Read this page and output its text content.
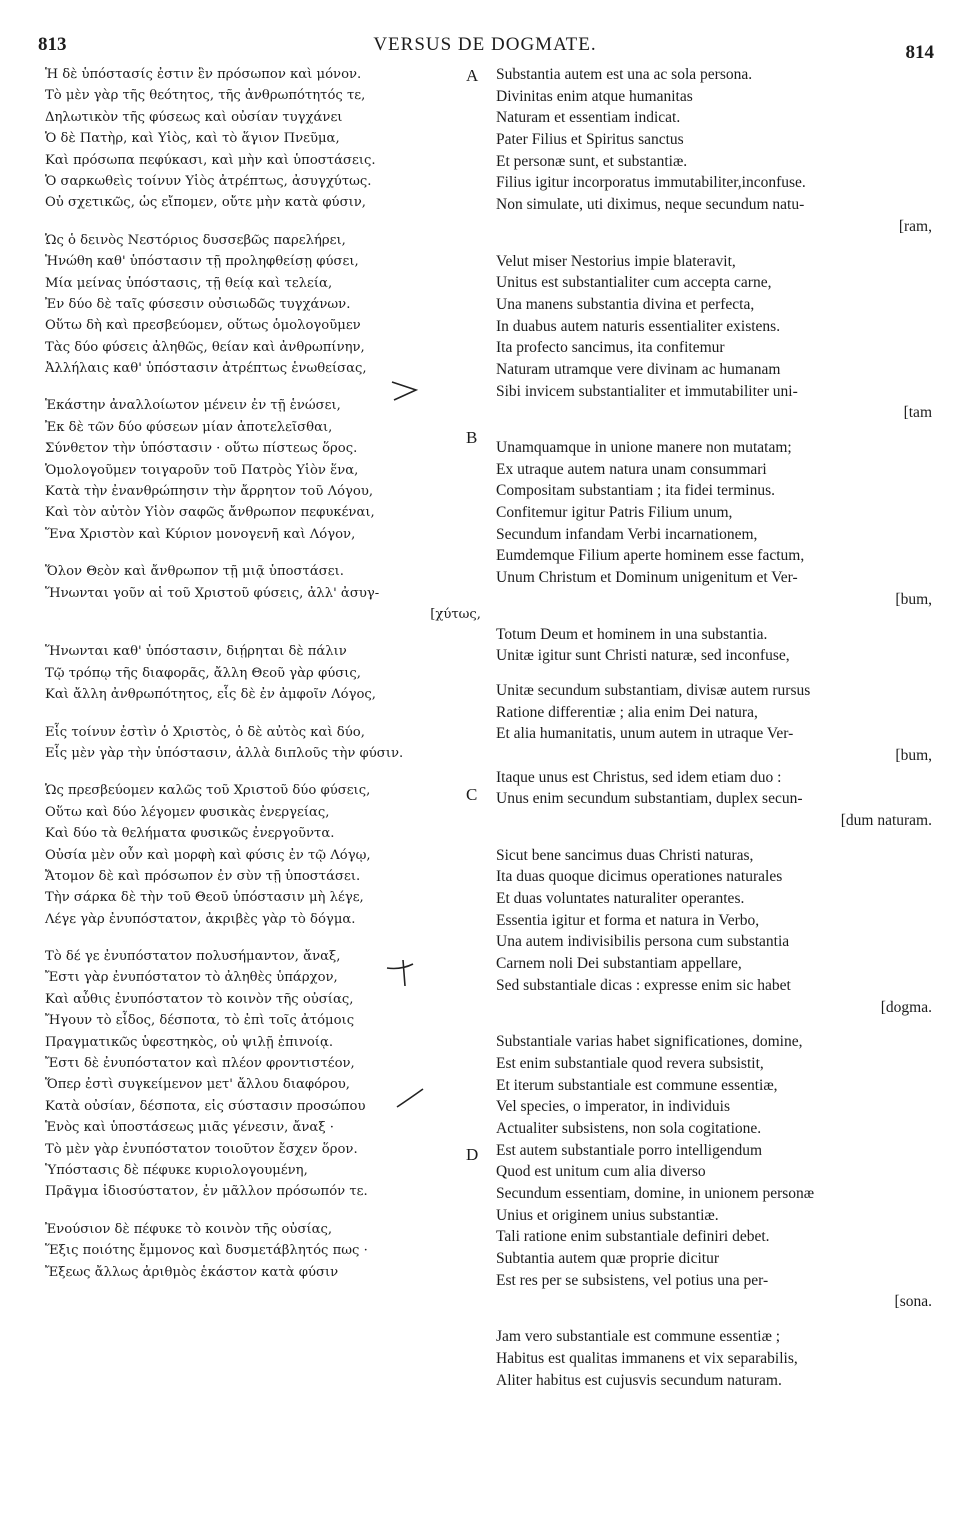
813	VERSUS DE DOGMATE.	814
Ἡ δὲ ὑπόστασίς ἐστιν ἓν πρόσωπον καὶ μόνον.
Τὸ μὲν γὰρ τῆς θεότητος, τῆς ἀνθρωπότητός τε,
Δηλωτικὸν τῆς φύσεως καὶ οὐσίαν τυγχάνει
Ὁ δὲ Πατὴρ, καὶ Υἱὸς, καὶ τὸ ἅγιον Πνεῦμα,
Καὶ πρόσωπα πεφύκασι, καὶ μὴν καὶ ὑποστάσεις.
Ὁ σαρκωθεὶς τοίνυν Υἱὸς ἀτρέπτως, ἀσυγχύτως.
Οὐ σχετικῶς, ὡς εἴπομεν, οὔτε μὴν κατὰ φύσιν,
Ὡς ὁ δεινὸς Νεστόριος δυσσεβῶς παρελήρει,
Ἡνώθη καθ' ὑπόστασιν τῇ προληφθείσῃ φύσει,
Μία μείνας ὑπόστασις, τῇ θείᾳ καὶ τελεία,
Ἐν δύο δὲ ταῖς φύσεσιν οὐσιωδῶς τυγχάνων.
Οὕτω δὴ καὶ πρεσβεύομεν, οὕτως ὁμολογοῦμεν
Τὰς δύο φύσεις ἀληθῶς, θείαν καὶ ἀνθρωπίνην,
Ἀλλήλαις καθ' ὑπόστασιν ἀτρέπτως ἑνωθείσας,
Ἑκάστην ἀναλλοίωτον μένειν ἐν τῇ ἑνώσει,
Ἐκ δὲ τῶν δύο φύσεων μίαν ἀποτελεῖσθαι,
Σύνθετον τὴν ὑπόστασιν · οὕτω πίστεως ὅρος.
Ὁμολογοῦμεν τοιγαροῦν τοῦ Πατρὸς Υἱὸν ἕνα,
Κατὰ τὴν ἐνανθρώπησιν τὴν ἄρρητον τοῦ Λόγου,
Καὶ τὸν αὐτὸν Υἱὸν σαφῶς ἄνθρωπον πεφυκέναι,
Ἕνα Χριστὸν καὶ Κύριον μονογενῆ καὶ Λόγον,
Ὅλον Θεὸν καὶ ἄνθρωπον τῇ μιᾷ ὑποστάσει.
Ἥνωνται γοῦν αἱ τοῦ Χριστοῦ φύσεις, ἀλλ' ἀσυγ-
[χύτως,
Ἥνωνται καθ' ὑπόστασιν, διῄρηται δὲ πάλιν
Τῷ τρόπῳ τῆς διαφορᾶς, ἄλλη Θεοῦ γὰρ φύσις,
Καὶ ἄλλη ἀνθρωπότητος, εἷς δὲ ἐν ἀμφοῖν Λόγος,
Εἷς τοίνυν ἐστὶν ὁ Χριστὸς, ὁ δὲ αὐτὸς καὶ δύο,
Εἷς μὲν γὰρ τὴν ὑπόστασιν, ἀλλὰ διπλοῦς τὴν φύσιν.
Ὡς πρεσβεύομεν καλῶς τοῦ Χριστοῦ δύο φύσεις,
Οὕτω καὶ δύο λέγομεν φυσικὰς ἐνεργείας,
Καὶ δύο τὰ θελήματα φυσικῶς ἐνεργοῦντα.
Οὐσία μὲν οὖν καὶ μορφὴ καὶ φύσις ἐν τῷ Λόγῳ,
Ἄτομον δὲ καὶ πρόσωπον ἐν σὺν τῇ ὑποστάσει.
Τὴν σάρκα δὲ τὴν τοῦ Θεοῦ ὑπόστασιν μὴ λέγε,
Λέγε γὰρ ἐνυπόστατον, ἀκριβὲς γὰρ τὸ δόγμα.
Τὸ δέ γε ἐνυπόστατον πολυσήμαντον, ἄναξ,
Ἔστι γὰρ ἐνυπόστατον τὸ ἀληθὲς ὑπάρχον,
Καὶ αὖθις ἐνυπόστατον τὸ κοινὸν τῆς οὐσίας,
Ἤγουν τὸ εἶδος, δέσποτα, τὸ ἐπὶ τοῖς ἀτόμοις
Πραγματικῶς ὑφεστηκὸς, οὐ ψιλῇ ἐπινοίᾳ.
Ἔστι δὲ ἐνυπόστατον καὶ πλέον φροντιστέον,
Ὅπερ ἐστὶ συγκείμενον μετ' ἄλλου διαφόρου,
Κατὰ οὐσίαν, δέσποτα, εἰς σύστασιν προσώπου
Ἑνὸς καὶ ὑποστάσεως μιᾶς γένεσιν, ἄναξ ·
Τὸ μὲν γὰρ ἐνυπόστατον τοιοῦτον ἔσχεν ὅρον.
Ὑπόστασις δὲ πέφυκε κυριολογουμένη,
Πρᾶγμα ἰδιοσύστατον, ἐν μᾶλλον πρόσωπόν τε.
Ἐνούσιον δὲ πέφυκε τὸ κοινὸν τῆς οὐσίας,
Ἕξις ποιότης ἔμμονος καὶ δυσμετάβλητός πως ·
Ἔξεως ἄλλως ἀριθμὸς ἑκάστον κατὰ φύσιν
Substantia autem est una ac sola persona.
Divinitas enim atque humanitas
Naturam et essentiam indicat.
Pater Filius et Spiritus sanctus
Et personæ sunt, et substantiæ.
Filius igitur incorporatus immutabiliter,inconfuse.
Non simulate, uti diximus, neque secundum natu-
[ram,
Velut miser Nestorius impie blateravit,
Unitus est substantialiter cum accepta carne,
Una manens substantia divina et perfecta,
In duabus autem naturis essentialiter existens.
Ita profecto sancimus, ita confitemur
Naturam utramque vere divinam ac humanam
Sibi invicem substantialiter et immutabiliter uni-
[tam
Unamquamque in unione manere non mutatam;
Ex utraque autem natura unam consummari
Compositam substantiam ; ita fidei terminus.
Confitemur igitur Patris Filium unum,
Secundum infandam Verbi incarnationem,
Eumdemque Filium aperte hominem esse factum,
Unum Christum et Dominum unigenitum et Ver-
[bum,
Totum Deum et hominem in una substantia.
Unitæ igitur sunt Christi naturæ, sed inconfuse,
Unitæ secundum substantiam, divisæ autem rursus
Ratione differentiæ ; alia enim Dei natura,
Et alia humanitatis, unum autem in utraque Ver-
[bum,
Itaque unus est Christus, sed idem etiam duo :
Unus enim secundum substantiam, duplex secun-
[dum naturam.
Sicut bene sancimus duas Christi naturas,
Ita duas quoque dicimus operationes naturales
Et duas voluntates naturaliter operantes.
Essentia igitur et forma et natura in Verbo,
Una autem indivisibilis persona cum substantia
Carnem noli Dei substantiam appellare,
Sed substantiale dicas : expresse enim sic habet
[dogma.
Substantiale varias habet significationes, domine,
Est enim substantiale quod revera subsistit,
Et iterum substantiale est commune essentiæ,
Vel species, o imperator, in individuis
Actualiter subsistens, non sola cogitatione.
Est autem substantiale porro intelligendum
Quod est unitum cum alia diverso
Secundum essentiam, domine, in unionem personæ
Unius et originem unius substantiæ.
Tali ratione enim substantiale definiri debet.
Subtantia autem quæ proprie dicitur
Est res per se subsistens, vel potius una per-
[sona.
Jam vero substantiale est commune essentiæ ;
Habitus est qualitas immanens et vix separabilis,
Aliter habitus est cujusvis secundum naturam.
A
B
C
D
